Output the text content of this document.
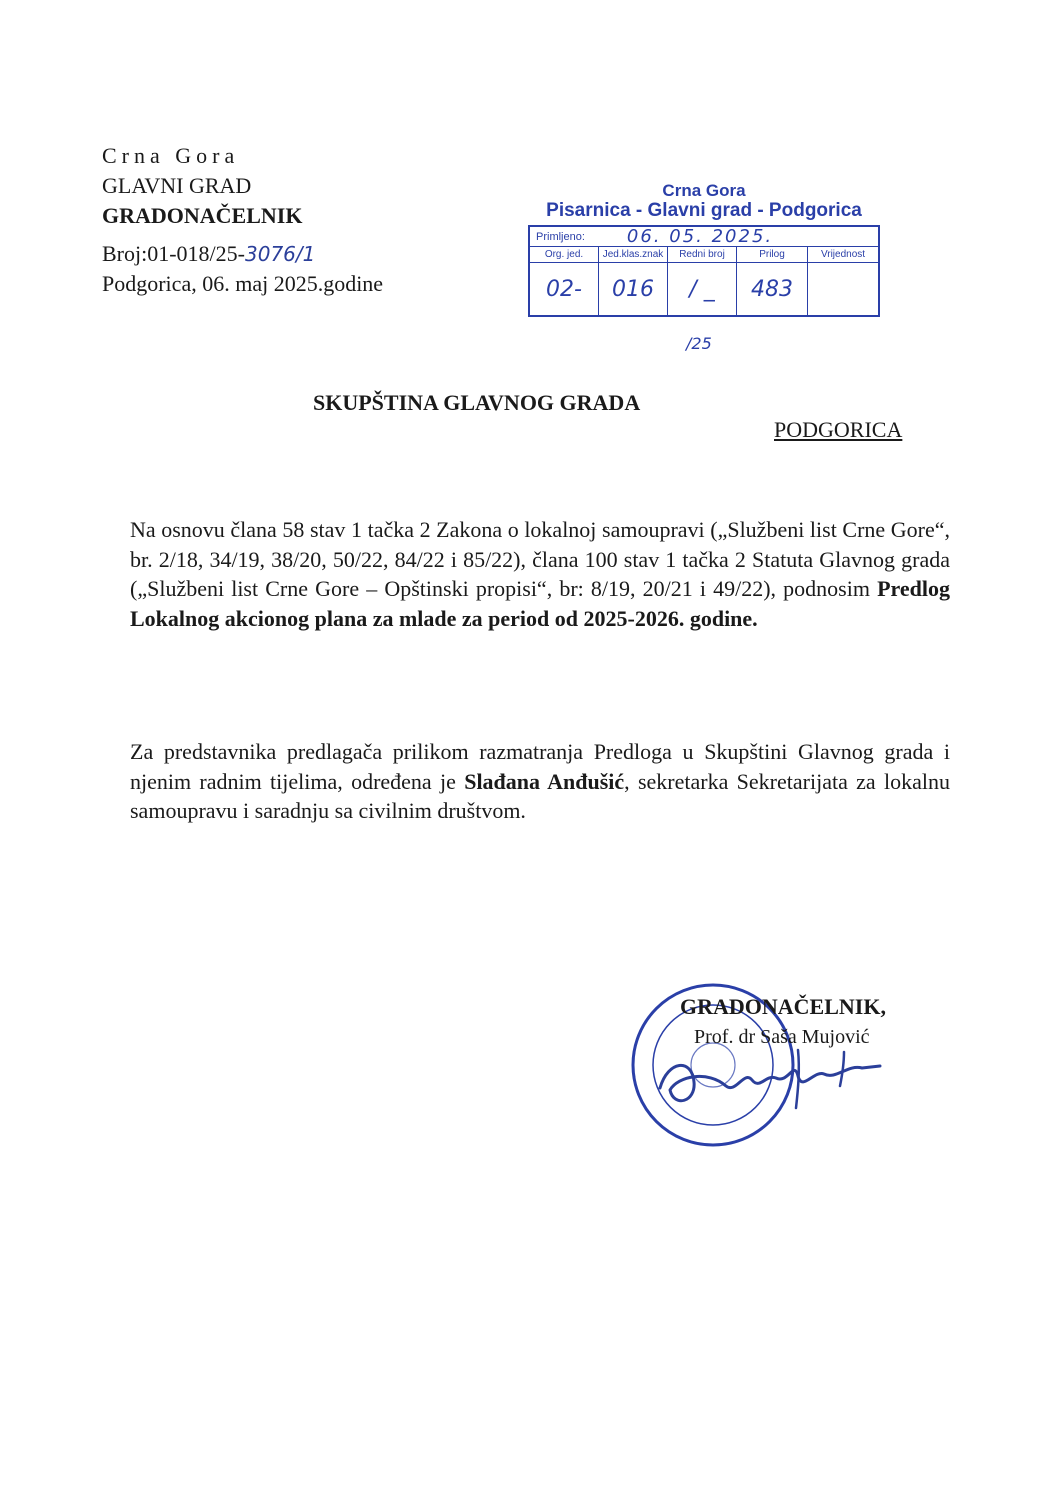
Crna Gora
GLAVNI GRAD
GRADONAČELNIK
Broj:01-018/25-3076/1
Podgorica, 06. maj 2025.godine
Crna Gora
Pisarnica - Glavni grad - Podgorica
Primljeno: 06. 05. 2025.
Org. jed.	Jed.klas.znak	Redni broj	Prilog	Vrijednost
02-	016	/ _	483
/25
SKUPŠTINA GLAVNOG GRADA
PODGORICA
Na osnovu člana 58 stav 1 tačka 2 Zakona o lokalnoj samoupravi („Službeni list Crne Gore“, br. 2/18, 34/19, 38/20, 50/22, 84/22 i 85/22), člana 100 stav 1 tačka 2 Statuta Glavnog grada („Službeni list Crne Gore – Opštinski propisi“, br: 8/19, 20/21 i 49/22), podnosim Predlog Lokalnog akcionog plana za mlade za period od 2025-2026. godine.
Za predstavnika predlagača prilikom razmatranja Predloga u Skupštini Glavnog grada i njenim radnim tijelima, određena je Slađana Anđušić, sekretarka Sekretarijata za lokalnu samoupravu i saradnju sa civilnim društvom.
GRADONAČELNIK,
Prof. dr Saša Mujović
